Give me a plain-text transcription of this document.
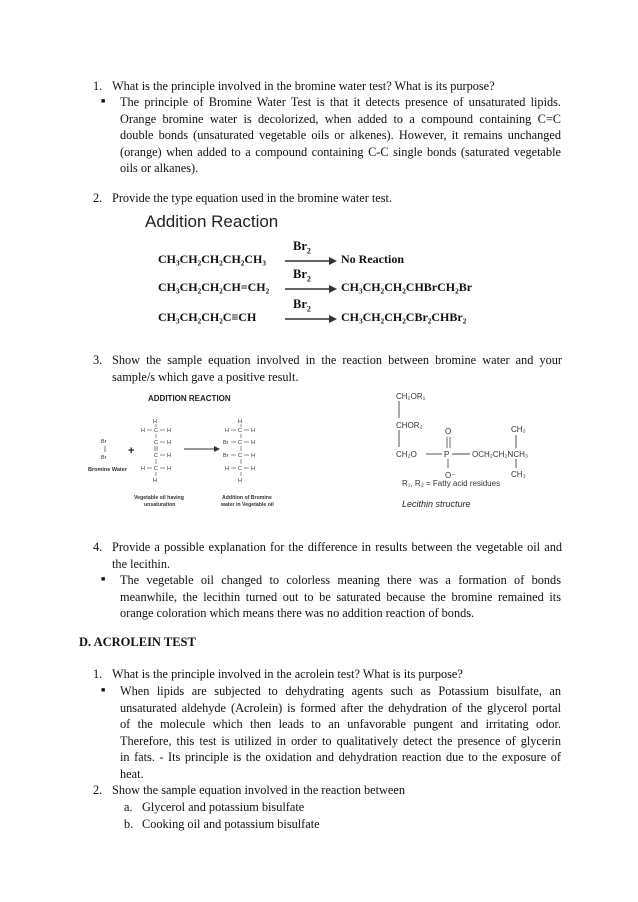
1. What is the principle involved in the bromine water test? What is its purpose?
■ The principle of Bromine Water Test is that it detects presence of unsaturated lipids.
Orange bromine water is decolorized, when added to a compound containing C=C
double bonds (unsaturated vegetable oils or alkenes). However, it remains unchanged
(orange) when added to a compound containing C-C single bonds (saturated vegetable
oils or alkanes).
2. Provide the type equation used in the bromine water test.
Addition Reaction
CH₃CH₂CH₂CH₂CH₃
$Br_2$
No Reaction
CH₃CH₂CH₂CH=CH₂
$Br_2$
CH₃CH₂CH₂CHBrCH₂Br
CH₃CH₂CH₂C≡CH
$Br_2$
CH₃CH₂CH₂CBr₂CHBr₂
3. Show the sample equation involved in the reaction between bromine water and your
sample/s which gave a positive result.
ADDITION REACTION
Br
Br
Bromine Water
+
H C H
H
C H
C H
H C H
H
H
H C H
Br C H
Br C H
H C H
H
Vegetable oil having
unsaturation
Addition of Bromine
water in Vegetable oil
CH₂OR₁
CHOR₂
CH₂O	P
O
O⁻
OCH₂CH₂NCH₃
CH₃
CH₃
R₁, R₂ = Fatty acid residues
Lecithin structure
4. Provide a possible explanation for the difference in results between the vegetable oil and
the lecithin.
■ The vegetable oil changed to colorless meaning there was a formation of bonds
meanwhile, the lecithin turned out to be saturated because the bromine remained its
orange coloration which means there was no addition reaction of bonds.
D. ACROLEIN TEST
1. What is the principle involved in the acrolein test? What is its purpose?
■ When lipids are subjected to dehydrating agents such as Potassium bisulfate, an
unsaturated aldehyde (Acrolein) is formed after the dehydration of the glycerol portal
of the molecule which then leads to an unfavorable pungent and irritating odor.
Therefore, this test is utilized in order to qualitatively detect the presence of glycerin
in fats. - Its principle is the oxidation and dehydration reaction due to the exposure of
heat.
2. Show the sample equation involved in the reaction between
a. Glycerol and potassium bisulfate
b. Cooking oil and potassium bisulfate
